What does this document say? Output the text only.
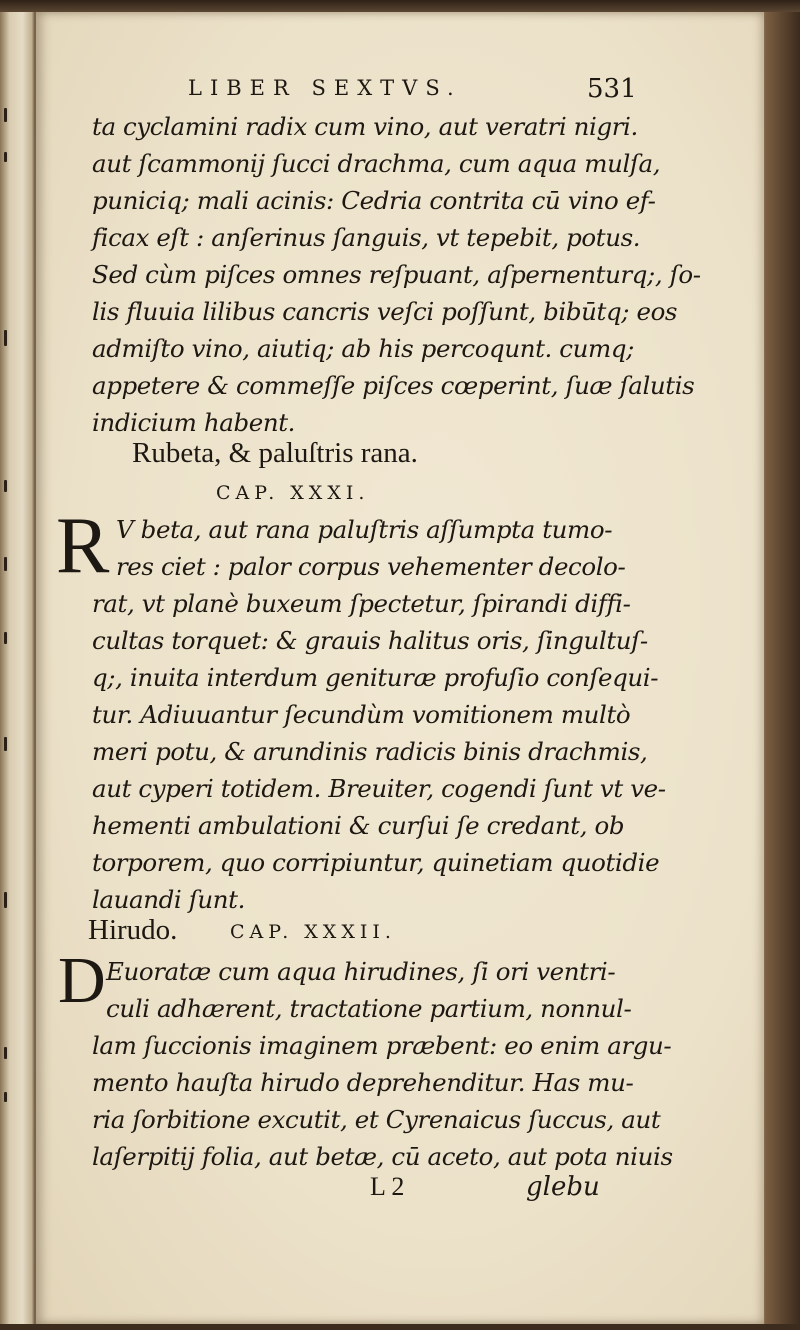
LIBER SEXTVS.	531
ta cyclamini radix cum vino, aut veratri nigri.
aut ſcammonij ſucci drachma, cum aqua mulſa,
puniciq; mali acinis: Cedria contrita cū vino ef-
ficax eſt : anſerinus ſanguis, vt tepebit, potus.
Sed cùm piſces omnes reſpuant, aſpernenturq;, ſo-
lis fluuia lilibus cancris veſci poſſunt, bibūtq; eos
admiſto vino, aiutiq; ab his percoqunt. cumq;
appetere & commeſſe piſces cœperint, ſuæ ſalutis
indicium habent.
Rubeta, & paluſtris rana.
CAP. XXXI.
R V beta, aut rana paluſtris aſſumpta tumo-
res ciet : palor corpus vehementer decolo-
rat, vt planè buxeum ſpectetur, ſpirandi diffi-
cultas torquet: & grauis halitus oris, ſingultuſ-
q;, inuita interdum genituræ profuſio conſequi-
tur. Adiuuantur ſecundùm vomitionem multò
meri potu, & arundinis radicis binis drachmis,
aut cyperi totidem. Breuiter, cogendi ſunt vt ve-
hementi ambulationi & curſui ſe credant, ob
torporem, quo corripiuntur, quinetiam quotidie
lauandi ſunt.
Hirudo.	CAP. XXXII.
D Euoratæ cum aqua hirudines, ſi ori ventri-
culi adhærent, tractatione partium, nonnul-
lam ſuccionis imaginem præbent: eo enim argu-
mento hauſta hirudo deprehenditur. Has mu-
ria ſorbitione excutit, et Cyrenaicus ſuccus, aut
laſerpitij folia, aut betæ, cū aceto, aut pota niuis
L 2	glebu
